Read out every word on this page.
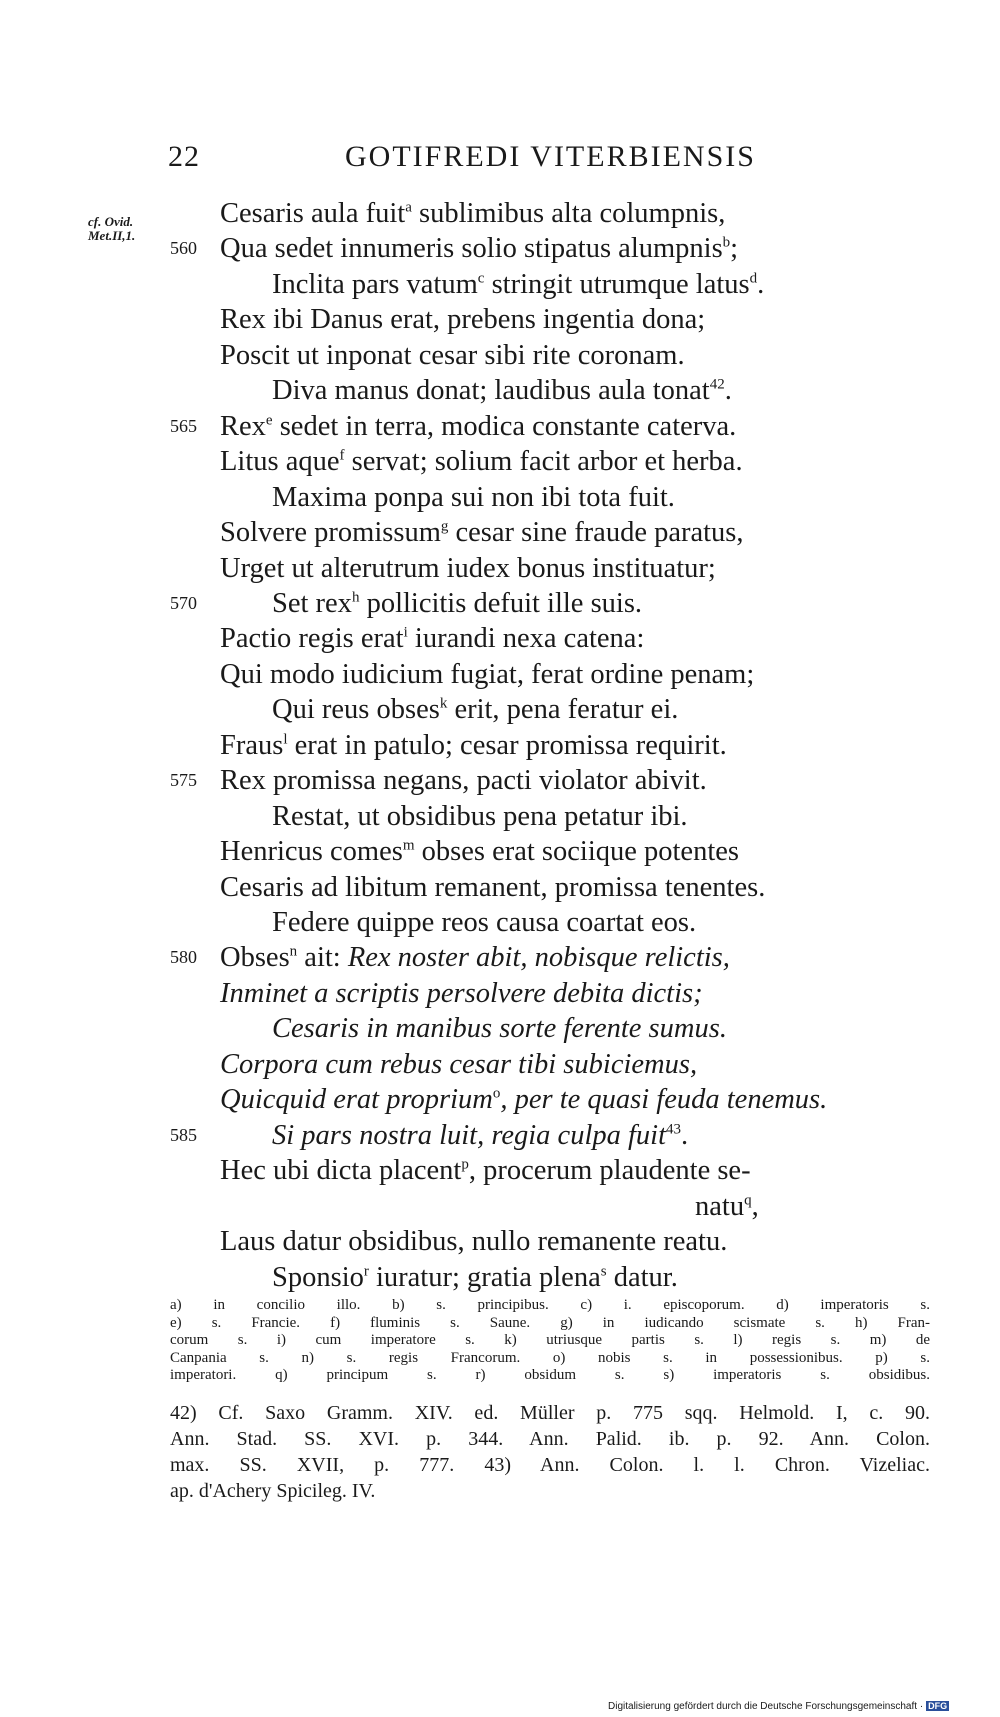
22	GOTIFREDI VITERBIENSIS
cf. Ovid.
Met.II,1.
Cesaris aula fuit$^a$ sublimibus alta columpnis,
560 Qua sedet innumeris solio stipatus alumpnis$^b$;
Inclita pars vatum$^c$ stringit utrumque latus$^d$.
Rex ibi Danus erat, prebens ingentia dona;
Poscit ut inponat cesar sibi rite coronam.
Diva manus donat; laudibus aula tonat$^{42}$.
565 Rex$^e$ sedet in terra, modica constante caterva.
Litus aque$^f$ servat; solium facit arbor et herba.
Maxima ponpa sui non ibi tota fuit.
Solvere promissum$^g$ cesar sine fraude paratus,
Urget ut alterutrum iudex bonus instituatur;
570	Set rex$^h$ pollicitis defuit ille suis.
Pactio regis erat$^i$ iurandi nexa catena:
Qui modo iudicium fugiat, ferat ordine penam;
Qui reus obses$^k$ erit, pena feratur ei.
Fraus$^l$ erat in patulo; cesar promissa requirit.
575 Rex promissa negans, pacti violator abivit.
Restat, ut obsidibus pena petatur ibi.
Henricus comes$^m$ obses erat sociique potentes
Cesaris ad libitum remanent, promissa tenentes.
Federe quippe reos causa coartat eos.
580 Obses$^n$ ait: Rex noster abit, nobisque relictis,
Inminet a scriptis persolvere debita dictis;
Cesaris in manibus sorte ferente sumus.
Corpora cum rebus cesar tibi subiciemus,
Quicquid erat proprium$^o$, per te quasi feuda tenemus.
585	Si pars nostra luit, regia culpa fuit$^{43}$.
Hec ubi dicta placent$^p$, procerum plaudente se-
natu$^q$,
Laus datur obsidibus, nullo remanente reatu.
Sponsio$^r$ iuratur; gratia plena$^s$ datur.
a) in concilio illo. b) s. principibus. c) i. episcoporum. d) imperatoris s.
e) s. Francie. f) fluminis s. Saune. g) in iudicando scismate s. h) Fran-
corum s. i) cum imperatore s. k) utriusque partis s. l) regis s. m) de
Canpania s. n) s. regis Francorum. o) nobis s. in possessionibus. p) s.
imperatori. q) principum s. r) obsidum s. s) imperatoris s. obsidibus.
42) Cf. Saxo Gramm. XIV. ed. Müller p. 775 sqq. Helmold. I, c. 90.
Ann. Stad. SS. XVI. p. 344. Ann. Palid. ib. p. 92. Ann. Colon.
max. SS. XVII, p. 777. 43) Ann. Colon. l. l. Chron. Vizeliac.
ap. d'Achery Spicileg. IV.
Digitalisierung gefördert durch die Deutsche Forschungsgemeinschaft · DFG
